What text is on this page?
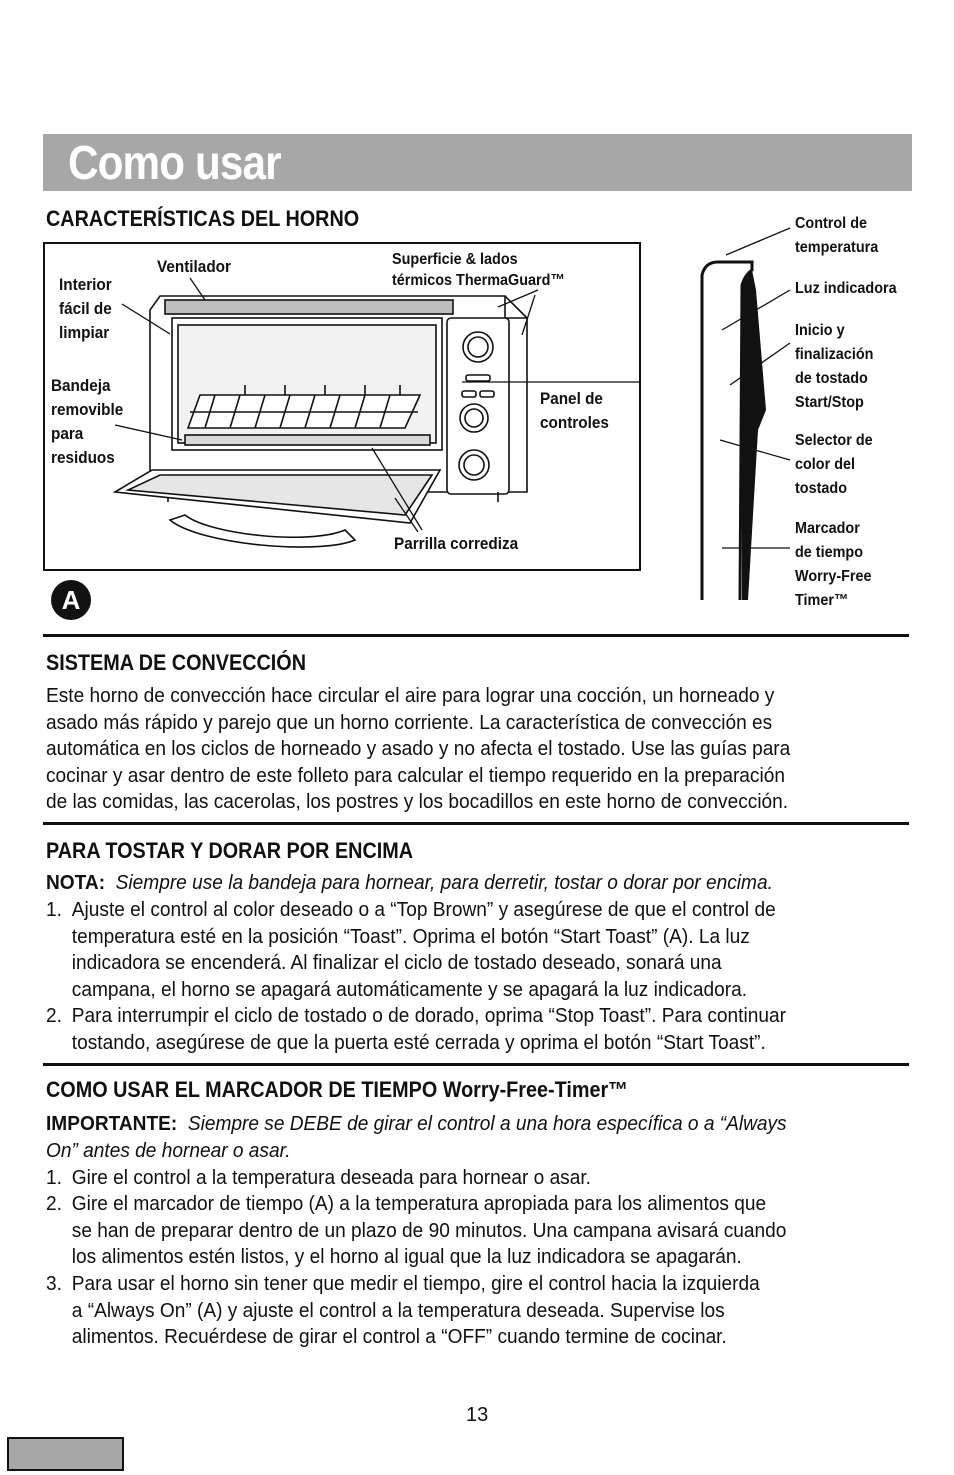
Como usar
CARACTERÍSTICAS DEL HORNO
Ventilador
Interior
fácil de
limpiar
Superficie & lados
térmicos ThermaGuard™
Bandeja
removible
para
residuos
Panel de
controles
Parrilla corrediza
Control de
temperatura
Luz indicadora
Inicio y
finalización
de tostado
Start/Stop
Selector de
color del
tostado
Marcador
de tiempo
Worry-Free
Timer™
A
SISTEMA DE CONVECCIÓN

Este horno de convección hace circular el aire para lograr una cocción, un horneado y

asado más rápido y parejo que un horno corriente. La característica de convección es

automática en los ciclos de horneado y asado y no afecta el tostado. Use las guías para

cocinar y asar dentro de este folleto para calcular el tiempo requerido en la preparación

de las comidas, las cacerolas, los postres y los bocadillos en este horno de convección.

PARA TOSTAR Y DORAR POR ENCIMA

NOTA: Siempre use la bandeja para hornear, para derretir, tostar o dorar por encima.

1. Ajuste el control al color deseado o a “Top Brown” y asegúrese de que el control de

temperatura esté en la posición “Toast”. Oprima el botón “Start Toast” (A). La luz

indicadora se encenderá. Al finalizar el ciclo de tostado deseado, sonará una

campana, el horno se apagará automáticamente y se apagará la luz indicadora.

2. Para interrumpir el ciclo de tostado o de dorado, oprima “Stop Toast”. Para continuar

tostando, asegúrese de que la puerta esté cerrada y oprima el botón “Start Toast”.

COMO USAR EL MARCADOR DE TIEMPO Worry-Free-Timer™

IMPORTANTE: Siempre se DEBE de girar el control a una hora específica o a “Always

On” antes de hornear o asar.

1. Gire el control a la temperatura deseada para hornear o asar.

2. Gire el marcador de tiempo (A) a la temperatura apropiada para los alimentos que

se han de preparar dentro de un plazo de 90 minutos. Una campana avisará cuando

los alimentos estén listos, y el horno al igual que la luz indicadora se apagarán.

3. Para usar el horno sin tener que medir el tiempo, gire el control hacia la izquierda

a “Always On” (A) y ajuste el control a la temperatura deseada. Supervise los

alimentos. Recuérdese de girar el control a “OFF” cuando termine de cocinar.

13
